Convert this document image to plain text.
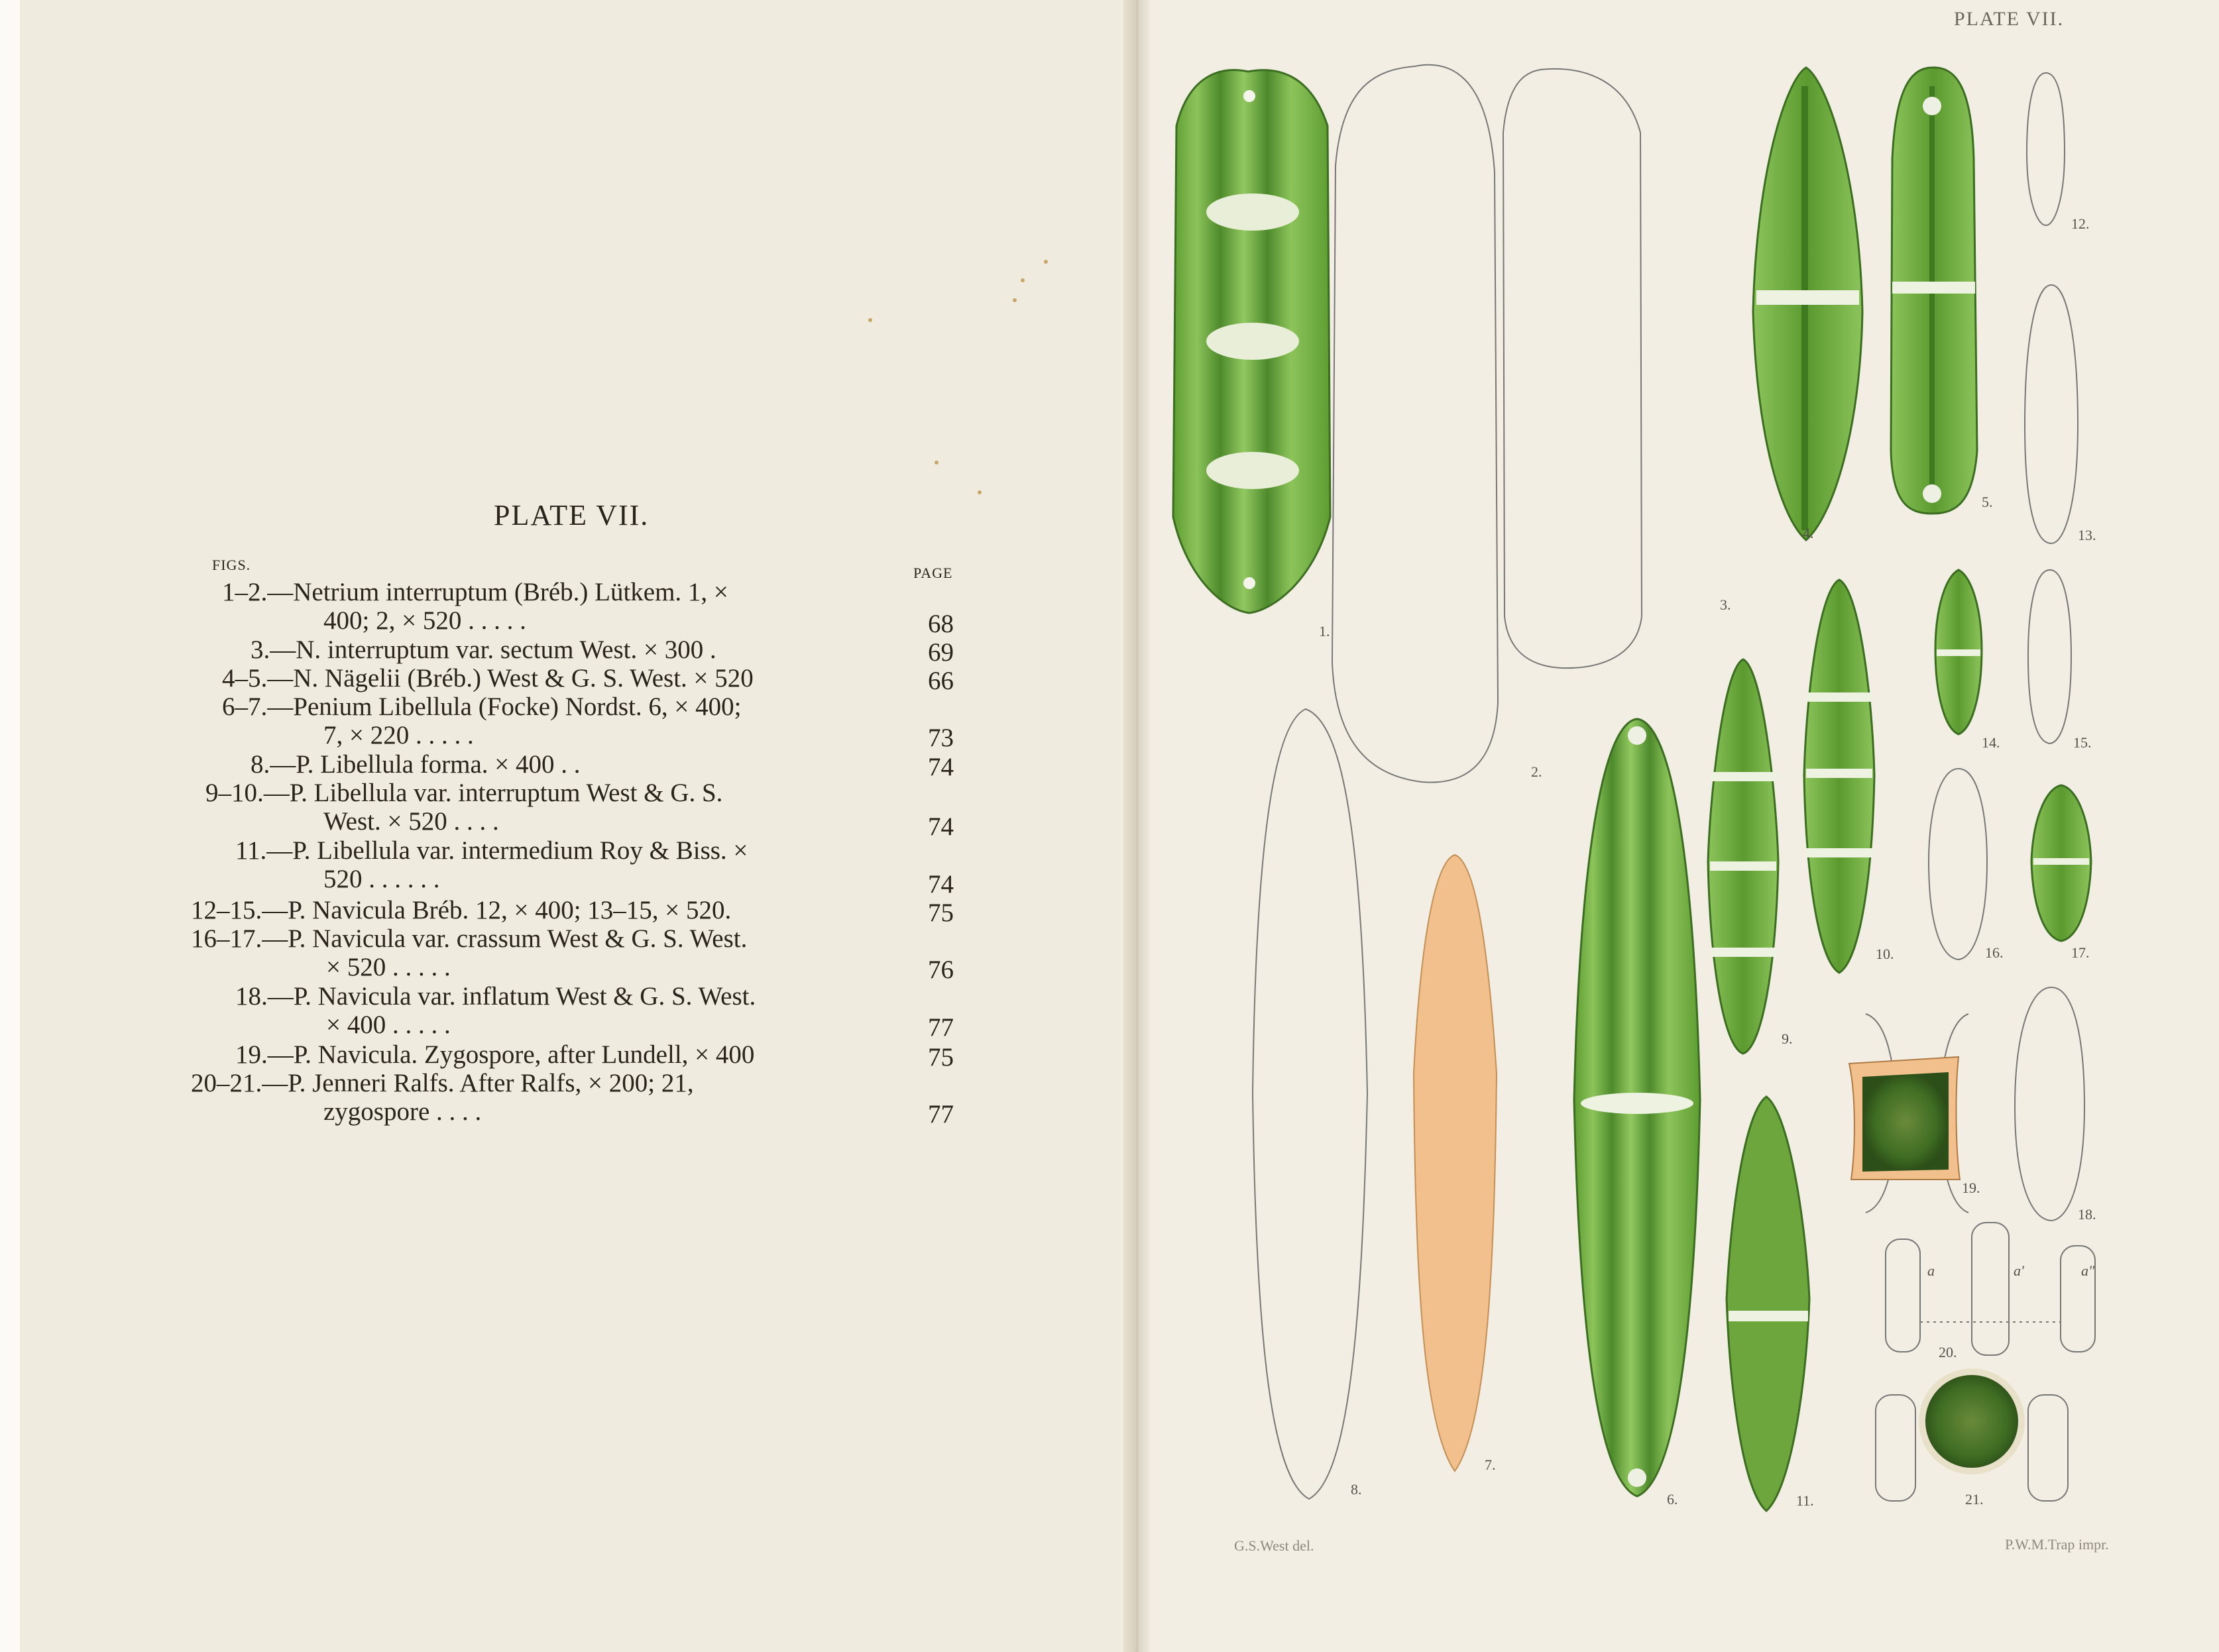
PLATE VII.
FIGS.	PAGE
1–2.—Netrium interruptum (Bréb.) Lütkem. 1, ×
400; 2, × 520 . . . . .	68
3.—N. interruptum var. sectum West. × 300 .	69
4–5.—N. Nägelii (Bréb.) West & G. S. West. × 520	66
6–7.—Penium Libellula (Focke) Nordst. 6, × 400;
7, × 220 . . . . .	73
8.—P. Libellula forma. × 400 . .	74
9–10.—P. Libellula var. interruptum West & G. S.
West. × 520 . . . .	74
11.—P. Libellula var. intermedium Roy & Biss. ×
520 . . . . . .	74
12–15.—P. Navicula Bréb. 12, × 400; 13–15, × 520.	75
16–17.—P. Navicula var. crassum West & G. S. West.
× 520 . . . . .	76
18.—P. Navicula var. inflatum West & G. S. West.
× 400 . . . . .	77
19.—P. Navicula. Zygospore, after Lundell, × 400	75
20–21.—P. Jenneri Ralfs. After Ralfs, × 200; 21,
zygospore . . . .	77
1.
2.
3.
4.
5.
6.
7.
8.
9.
10.
11.
12.
13.
14.	15.
16.	17.
18.
19.
20.
21.
a	a'	a"
PLATE VII.
G.S.West del.	P.W.M.Trap impr.
